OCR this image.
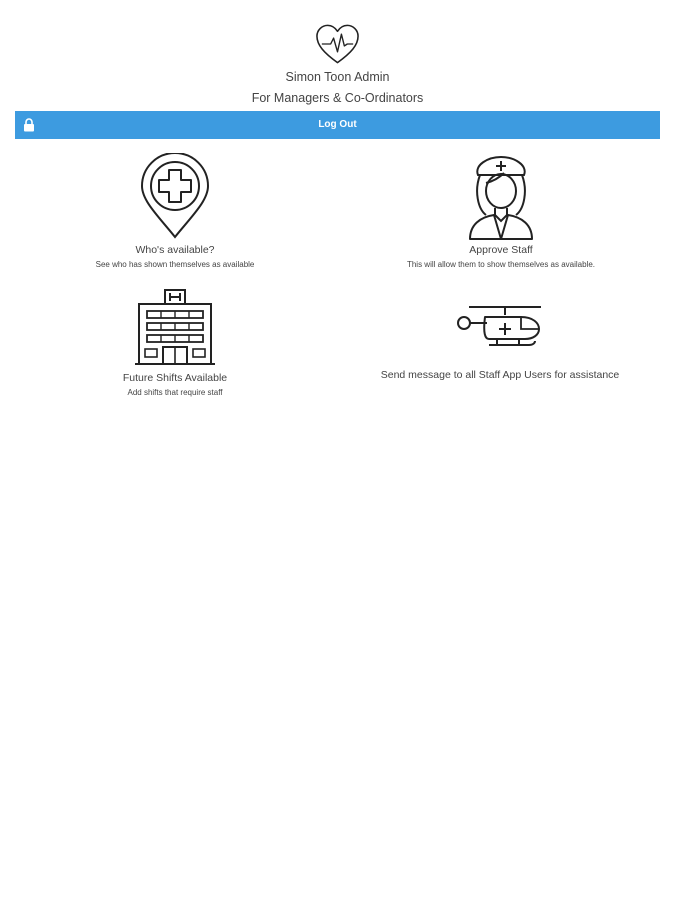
Simon Toon Admin
For Managers & Co-Ordinators
Log Out
Who's available?
See who has shown themselves as available
Approve Staff
This will allow them to show themselves as available.
Future Shifts Available
Add shifts that require staff
Send message to all Staff App Users for assistance
